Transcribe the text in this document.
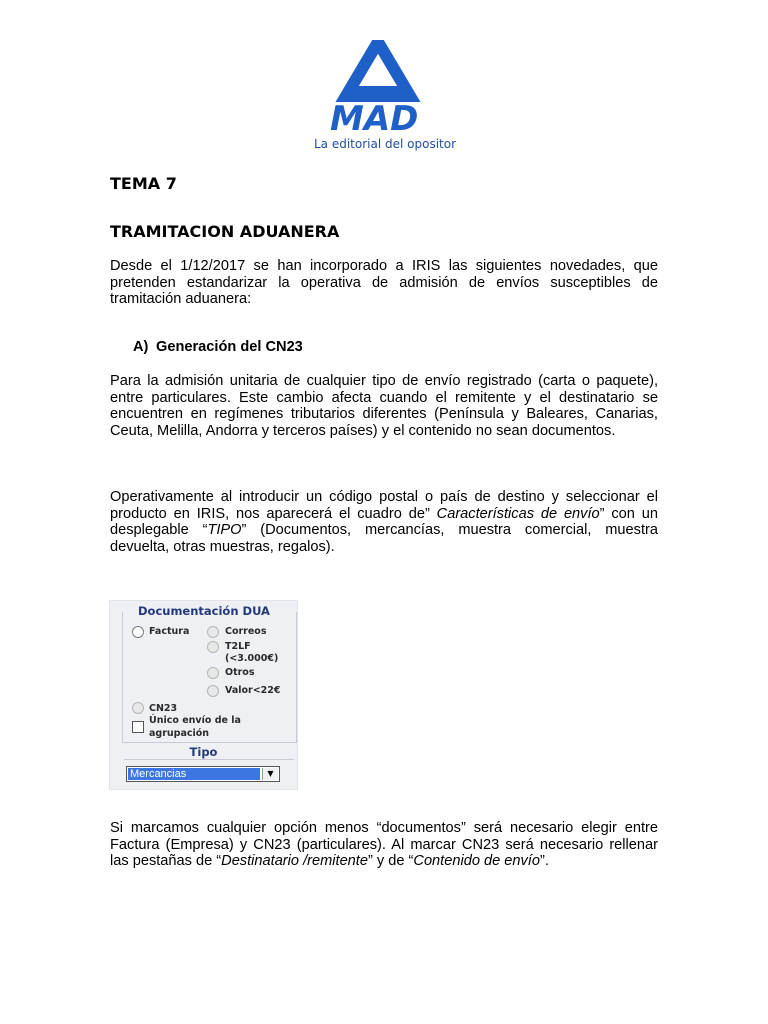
MAD
La editorial del opositor
TEMA 7
TRAMITACION ADUANERA

Desde el 1/12/2017 se han incorporado a IRIS las siguientes novedades, que pretenden estandarizar la operativa de admisión de envíos susceptibles de tramitación aduanera:

A) Generación del CN23

Para la admisión unitaria de cualquier tipo de envío registrado (carta o paquete), entre particulares. Este cambio afecta cuando el remitente y el destinatario se encuentren en regímenes tributarios diferentes (Península y Baleares, Canarias, Ceuta, Melilla, Andorra y terceros países) y el contenido no sean documentos.

Operativamente al introducir un código postal o país de destino y seleccionar el producto en IRIS, nos aparecerá el cuadro de” Características de envío” con un desplegable “TIPO” (Documentos, mercancías, muestra comercial, muestra devuelta, otras muestras, regalos).

Documentación DUA
Factura	Correos
T2LF
(<3.000€)
Otros
Valor<22€
CN23
Único envío de la
agrupación
Tipo
Mercancias	▼

Si marcamos cualquier opción menos “documentos” será necesario elegir entre Factura (Empresa) y CN23 (particulares). Al marcar CN23 será necesario rellenar las pestañas de “Destinatario /remitente” y de “Contenido de envío”.
